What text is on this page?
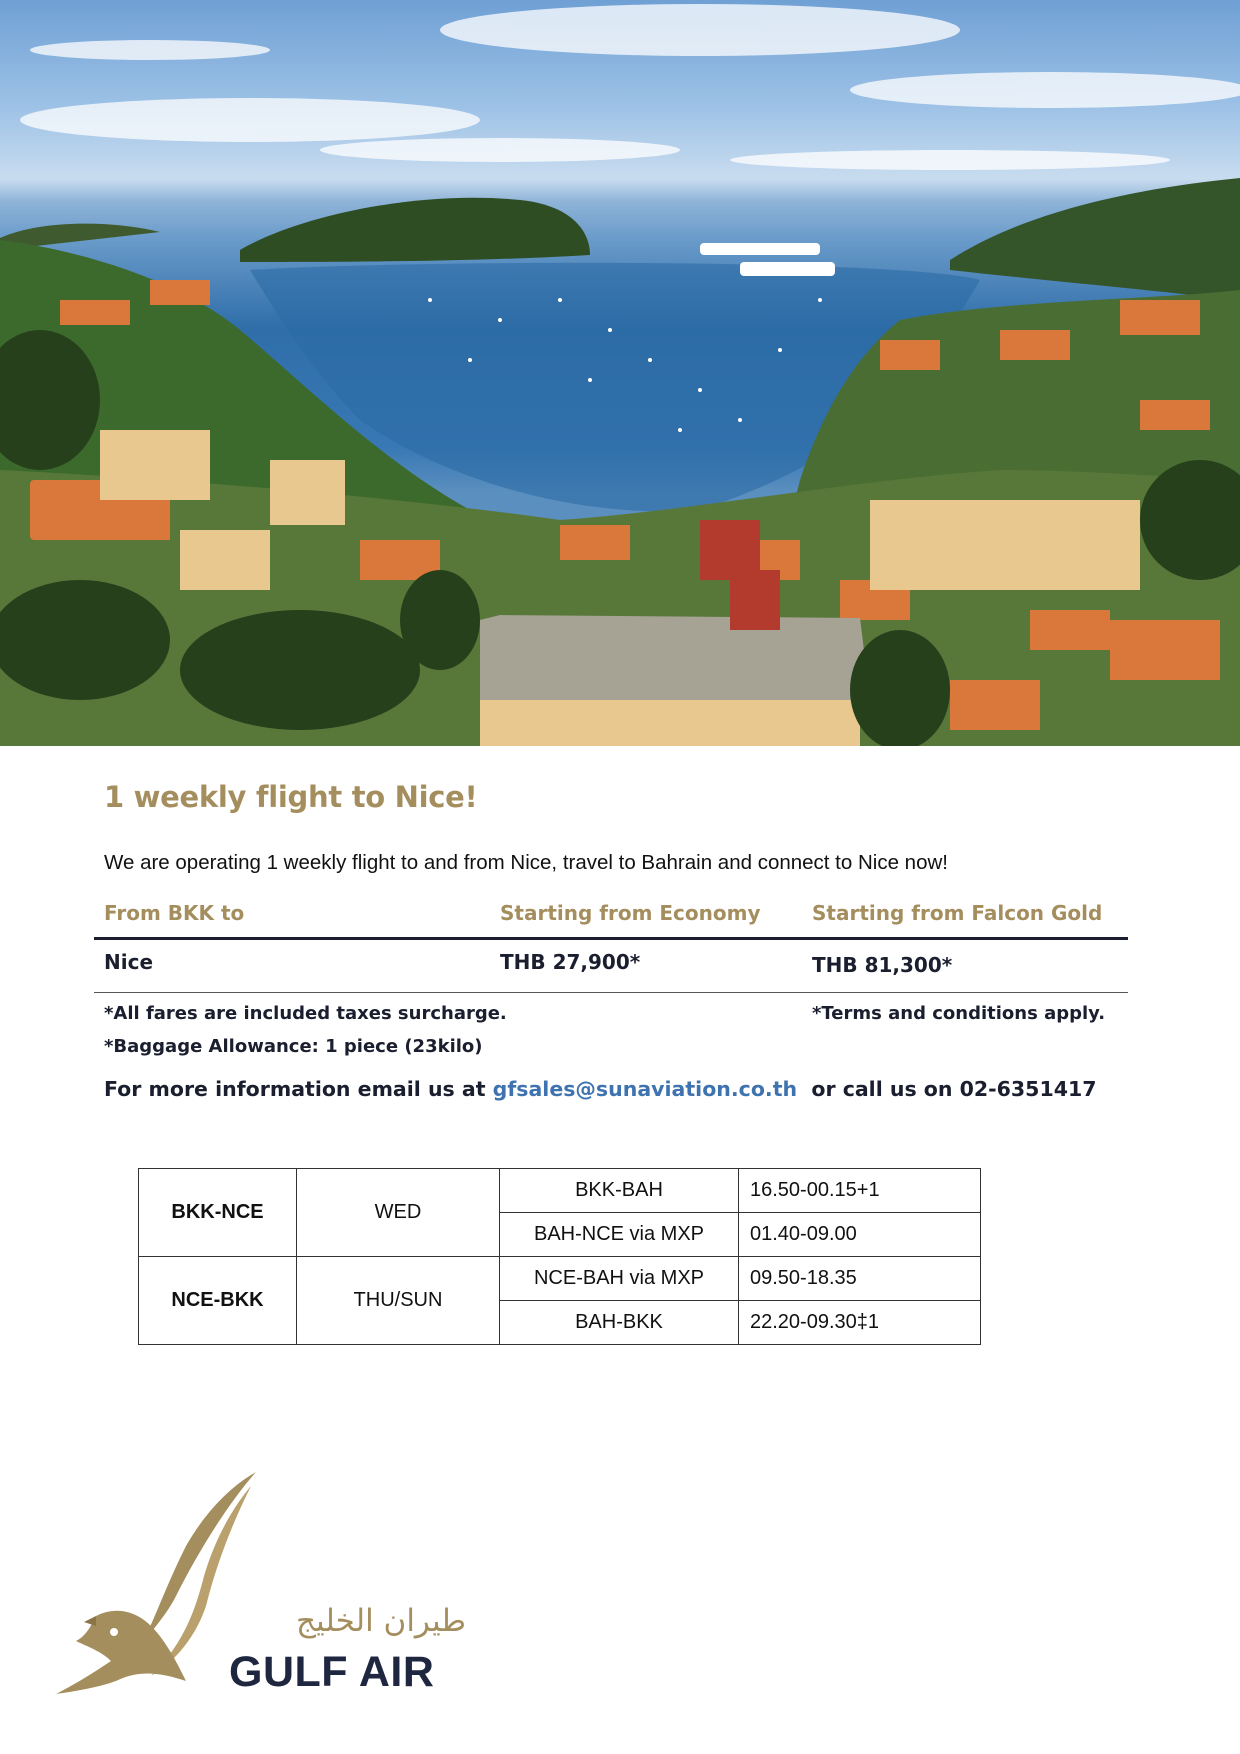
1 weekly flight to Nice!

We are operating 1 weekly flight to and from Nice, travel to Bahrain and connect to Nice now!

From BKK to	Starting from Economy	Starting from Falcon Gold
Nice	THB 27,900*	THB 81,300*

*All fares are included taxes surcharge.	*Terms and conditions apply.

*Baggage Allowance: 1 piece (23kilo)

For more information email us at gfsales@sunaviation.co.th  or call us on 02-6351417

BKK-NCE	WED	BKK-BAH	16.50-00.15+1
		BAH-NCE via MXP	01.40-09.00
NCE-BKK	THU/SUN	NCE-BAH via MXP	09.50-18.35
		BAH-BKK	22.20-09.30‡1

طيران الخليج

GULF AIR
